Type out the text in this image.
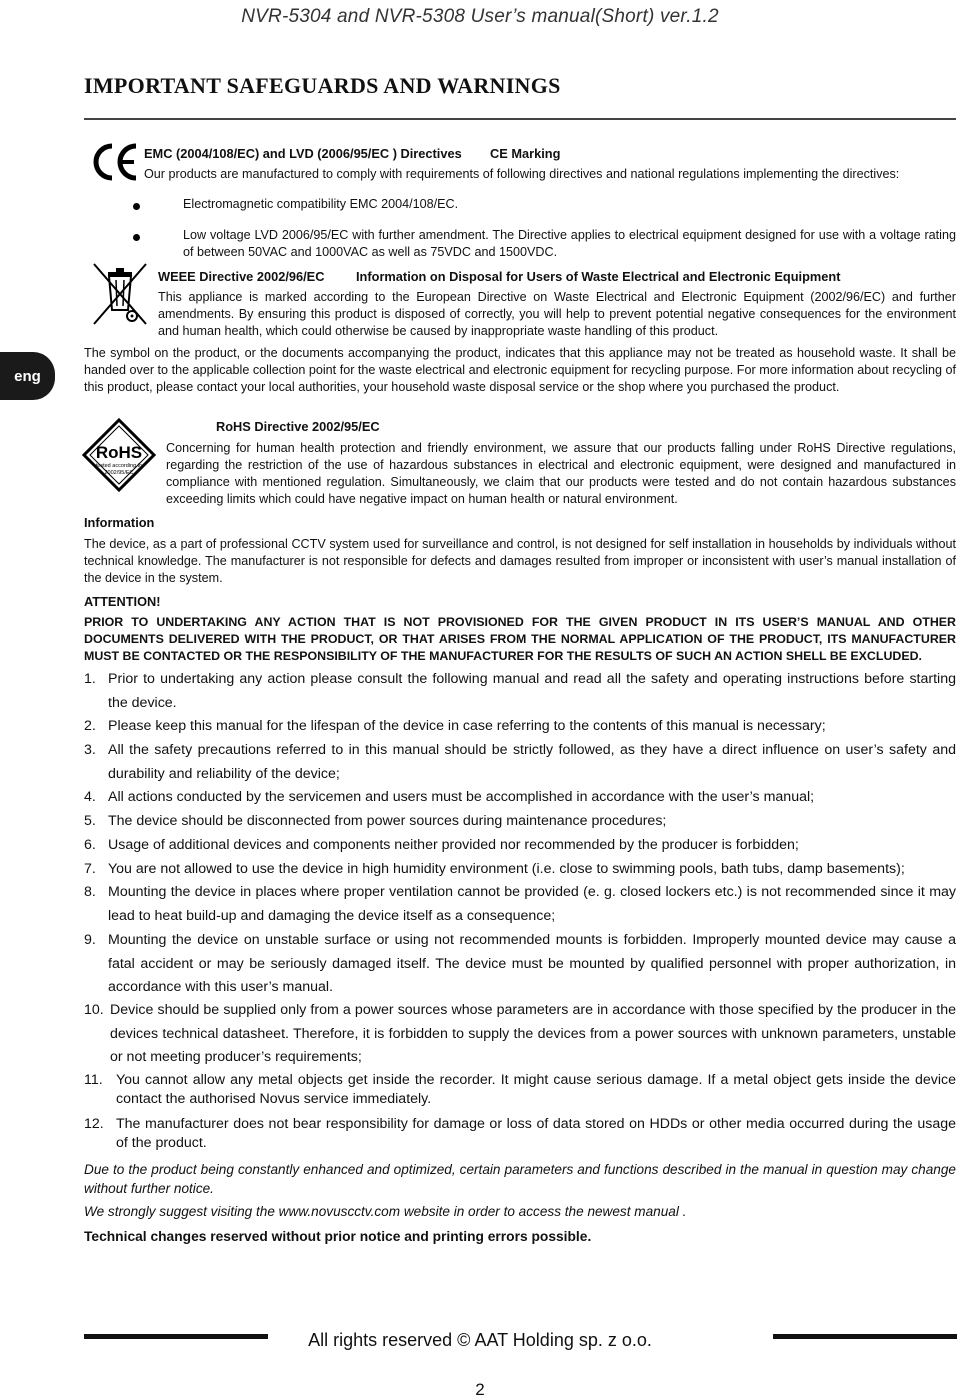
NVR-5304 and NVR-5308 User’s manual(Short) ver.1.2
IMPORTANT SAFEGUARDS AND WARNINGS
EMC (2004/108/EC) and LVD (2006/95/EC ) Directives CE Marking
Our products are manufactured to comply with requirements of following directives and national regulations implementing the directives:
Electromagnetic compatibility EMC 2004/108/EC.
Low voltage LVD 2006/95/EC with further amendment. The Directive applies to electrical equipment designed for use with a voltage rating of between 50VAC and 1000VAC as well as 75VDC and 1500VDC.
WEEE Directive 2002/96/EC Information on Disposal for Users of Waste Electrical and Electronic Equipment
This appliance is marked according to the European Directive on Waste Electrical and Electronic Equipment (2002/96/EC) and further amendments. By ensuring this product is disposed of correctly, you will help to prevent potential negative consequences for the environment and human health, which could otherwise be caused by inappropriate waste handling of this product.
eng
The symbol on the product, or the documents accompanying the product, indicates that this appliance may not be treated as household waste. It shall be handed over to the applicable collection point for the waste electrical and electronic equipment for recycling purpose. For more information about recycling of this product, please contact your local authorities, your household waste disposal service or the shop where you purchased the product.
RoHS
tested according to
2002/95/EC
RoHS Directive 2002/95/EC
Concerning for human health protection and friendly environment, we assure that our products falling under RoHS Directive regulations, regarding the restriction of the use of hazardous substances in electrical and electronic equipment, were designed and manufactured in compliance with mentioned regulation. Simultaneously, we claim that our products were tested and do not contain hazardous substances exceeding limits which could have negative impact on human health or natural environment.
Information
The device, as a part of professional CCTV system used for surveillance and control, is not designed for self installation in households by individuals without technical knowledge. The manufacturer is not responsible for defects and damages resulted from improper or inconsistent with user’s manual installation of the device in the system.
ATTENTION!
PRIOR TO UNDERTAKING ANY ACTION THAT IS NOT PROVISIONED FOR THE GIVEN PRODUCT IN ITS USER’S MANUAL AND OTHER DOCUMENTS DELIVERED WITH THE PRODUCT, OR THAT ARISES FROM THE NORMAL APPLICATION OF THE PRODUCT, ITS MANUFACTURER MUST BE CONTACTED OR THE RESPONSIBILITY OF THE MANUFACTURER FOR THE RESULTS OF SUCH AN ACTION SHELL BE EXCLUDED.
1. Prior to undertaking any action please consult the following manual and read all the safety and operating instructions before starting the device.
2. Please keep this manual for the lifespan of the device in case referring to the contents of this manual is necessary;
3. All the safety precautions referred to in this manual should be strictly followed, as they have a direct influence on user’s safety and durability and reliability of the device;
4. All actions conducted by the servicemen and users must be accomplished in accordance with the user’s manual;
5. The device should be disconnected from power sources during maintenance procedures;
6. Usage of additional devices and components neither provided nor recommended by the producer is forbidden;
7. You are not allowed to use the device in high humidity environment (i.e. close to swimming pools, bath tubs, damp basements);
8. Mounting the device in places where proper ventilation cannot be provided (e. g. closed lockers etc.) is not recommended since it may lead to heat build-up and damaging the device itself as a consequence;
9. Mounting the device on unstable surface or using not recommended mounts is forbidden. Improperly mounted device may cause a fatal accident or may be seriously damaged itself. The device must be mounted by qualified personnel with proper authorization, in accordance with this user’s manual.
10. Device should be supplied only from a power sources whose parameters are in accordance with those specified by the producer in the devices technical datasheet. Therefore, it is forbidden to supply the devices from a power sources with unknown parameters, unstable or not meeting producer’s requirements;
11. You cannot allow any metal objects get inside the recorder. It might cause serious damage. If a metal object gets inside the device contact the authorised Novus service immediately.
12. The manufacturer does not bear responsibility for damage or loss of data stored on HDDs or other media occurred during the usage of the product.
Due to the product being constantly enhanced and optimized, certain parameters and functions described in the manual in question may change without further notice.
We strongly suggest visiting the www.novuscctv.com website in order to access the newest manual .
Technical changes reserved without prior notice and printing errors possible.
All rights reserved © AAT Holding sp. z o.o.
2
